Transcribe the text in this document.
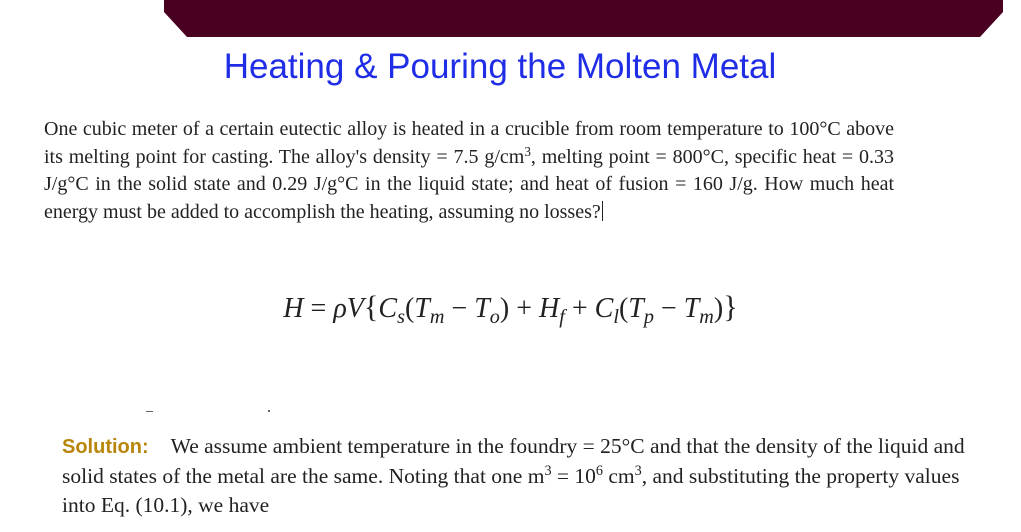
Heating & Pouring the Molten Metal
One cubic meter of a certain eutectic alloy is heated in a crucible from room temperature to 100°C above its melting point for casting. The alloy's density = 7.5 $g/cm^3$, melting point = 800°C, specific heat = 0.33 J/g°C in the solid state and 0.29 J/g°C in the liquid state; and heat of fusion = 160 J/g. How much heat energy must be added to accomplish the heating, assuming no losses?
$H = \rho V\{C_s(T_m - T_o) + H_f + C_l(T_p - T_m)\}$
Solution: We assume ambient temperature in the foundry = 25°C and that the density of the liquid and solid states of the metal are the same. Noting that one $m^3 = 10^6$ $cm^3$, and substituting the property values into Eq. (10.1), we have
